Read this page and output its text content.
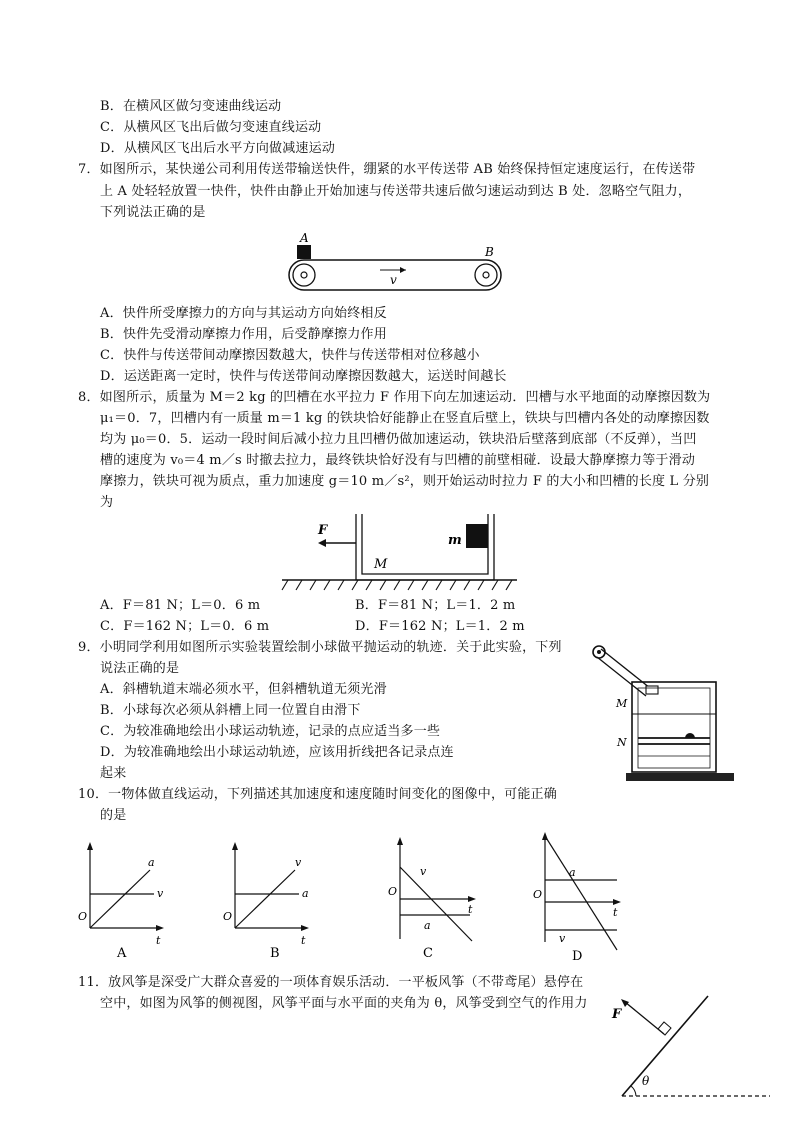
B．在横风区做匀变速曲线运动
C．从横风区飞出后做匀变速直线运动
D．从横风区飞出后水平方向做减速运动
7．如图所示，某快递公司利用传送带输送快件，绷紧的水平传送带 AB 始终保持恒定速度运行，在传送带
上 A 处轻轻放置一快件，快件由静止开始加速与传送带共速后做匀速运动到达 B 处．忽略空气阻力，
下列说法正确的是
A
B
v
A．快件所受摩擦力的方向与其运动方向始终相反
B．快件先受滑动摩擦力作用，后受静摩擦力作用
C．快件与传送带间动摩擦因数越大，快件与传送带相对位移越小
D．运送距离一定时，快件与传送带间动摩擦因数越大，运送时间越长
8．如图所示，质量为 M＝2 kg 的凹槽在水平拉力 F 作用下向左加速运动．凹槽与水平地面的动摩擦因数为
μ₁＝0．7，凹槽内有一质量 m＝1 kg 的铁块恰好能静止在竖直后壁上，铁块与凹槽内各处的动摩擦因数
均为 μ₀＝0．5．运动一段时间后减小拉力且凹槽仍做加速运动，铁块沿后壁落到底部（不反弹），当凹
槽的速度为 v₀＝4 m／s 时撤去拉力，最终铁块恰好没有与凹槽的前壁相碰．设最大静摩擦力等于滑动
摩擦力，铁块可视为质点，重力加速度 g＝10 m／s²，则开始运动时拉力 F 的大小和凹槽的长度 L 分别
为
m
M
F
A．F＝81 N；L＝0．6 m	B．F＝81 N；L＝1．2 m
C．F＝162 N；L＝0．6 m	D．F＝162 N；L＝1．2 m
9．小明同学利用如图所示实验装置绘制小球做平抛运动的轨迹．关于此实验，下列
说法正确的是
A．斜槽轨道末端必须水平，但斜槽轨道无须光滑
B．小球每次必须从斜槽上同一位置自由滑下
C．为较准确地绘出小球运动轨迹，记录的点应适当多一些
D．为较准确地绘出小球运动轨迹，应该用折线把各记录点连
起来
M
N
10．一物体做直线运动，下列描述其加速度和速度随时间变化的图像中，可能正确
的是
O
t
a
v
A
O
t
v
a
B
O
t
v
a
C
O
t
a
v
D
11．放风筝是深受广大群众喜爱的一项体育娱乐活动．一平板风筝（不带鸢尾）悬停在
空中，如图为风筝的侧视图，风筝平面与水平面的夹角为 θ，风筝受到空气的作用力
θ
F
